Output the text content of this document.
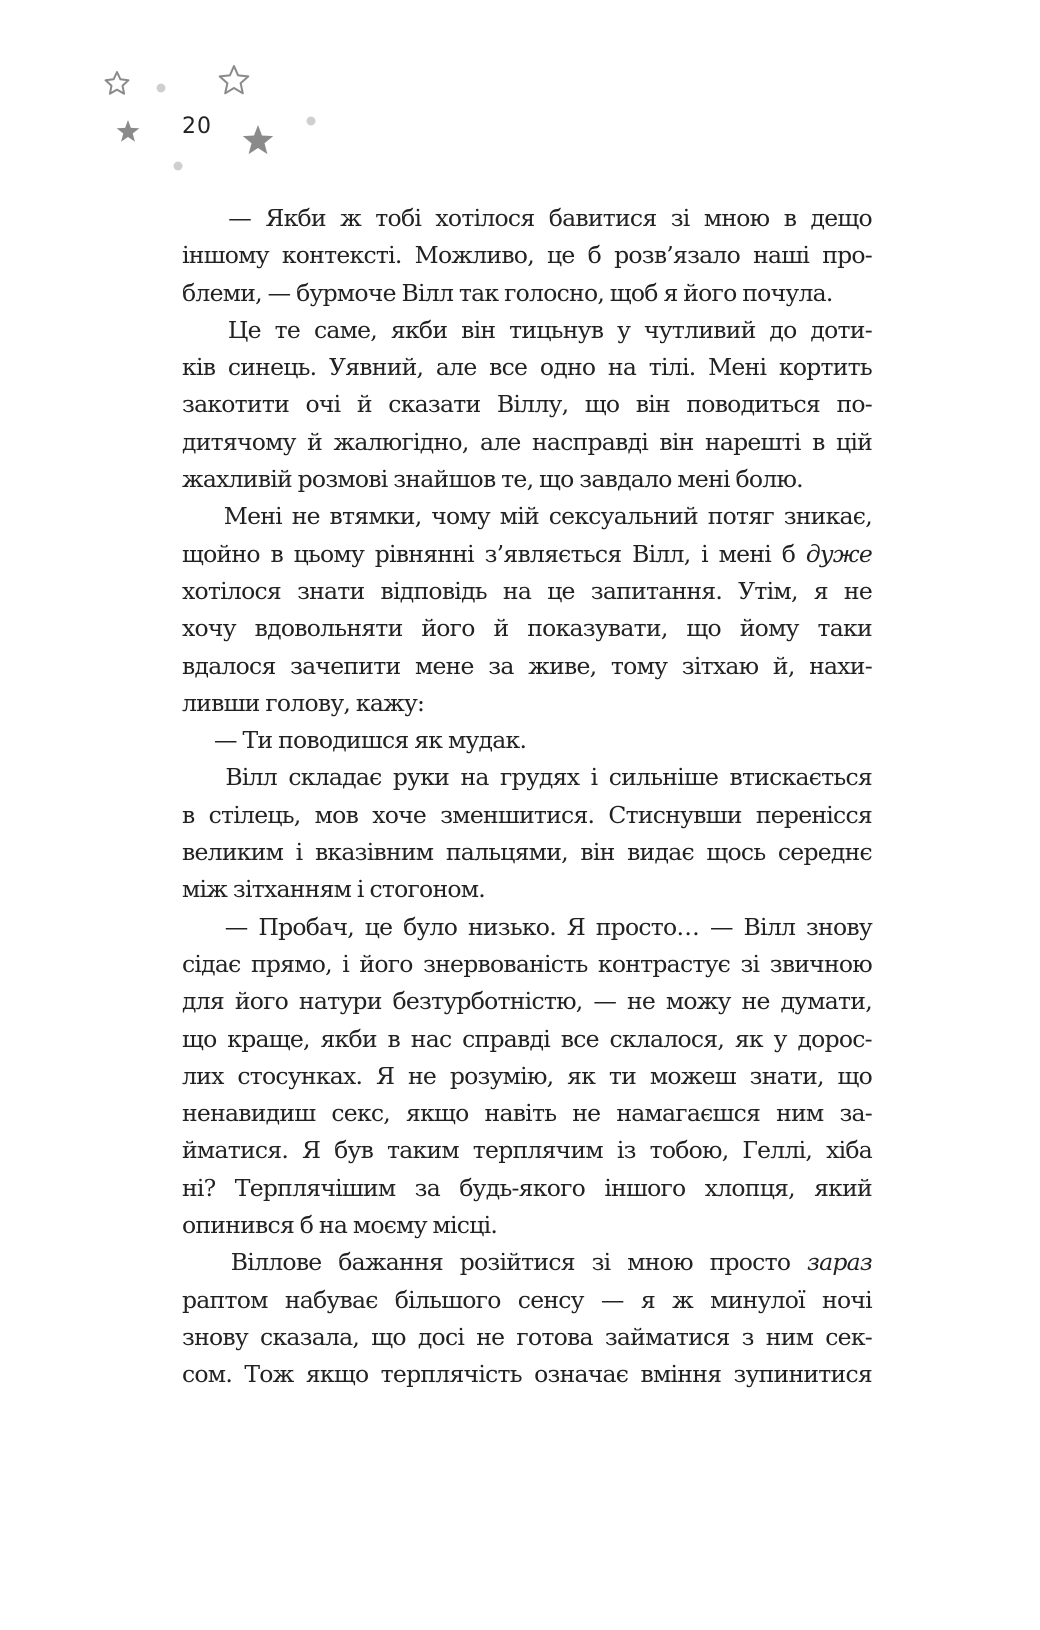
20
— Якби ж тобі хотілося бавитися зі мною в дещо
іншому контексті. Можливо, це б розв’язало наші про-
блеми,
—
бурмоче
Вілл
так
голосно,
щоб
я
його
почула.
Це те саме, якби він тицьнув у чутливий до доти-
ків синець. Уявний, але все одно на тілі. Мені кортить
закотити очі й сказати Віллу, що він поводиться по-
дитячому й жалюгідно, але насправді він нарешті в цій
жахливій
розмові
знайшов
те,
що
завдало
мені
болю.
Мені не втямки, чому мій сексуальний потяг зникає,
щойно в цьому рівнянні з’являється Вілл, і мені б дуже
хотілося знати відповідь на це запитання. Утім, я не
хочу вдовольняти його й показувати, що йому таки
вдалося зачепити мене за живе, тому зітхаю й, нахи-
ливши
голову,
кажу:
—
Ти
поводишся
як
мудак.
Вілл складає руки на грудях і сильніше втискається
в стілець, мов хоче зменшитися. Стиснувши перенісся
великим і вказівним пальцями, він видає щось середнє
між
зітханням
і
стогоном.
— Пробач, це було низько. Я просто… — Вілл знову
сідає прямо, і його знервованість контрастує зі звичною
для його натури безтурботністю, — не можу не думати,
що краще, якби в нас справді все склалося, як у дорос-
лих стосунках. Я не розумію, як ти можеш знати, що
ненавидиш секс, якщо навіть не намагаєшся ним за-
йматися. Я був таким терплячим із тобою, Геллі, хіба
ні? Терплячішим за будь-якого іншого хлопця, який
опинився
б
на
моєму
місці.
Віллове бажання розійтися зі мною просто зараз
раптом набуває більшого сенсу — я ж минулої ночі
знову сказала, що досі не готова займатися з ним сек-
сом. Тож якщо терплячість означає вміння зупинитися
